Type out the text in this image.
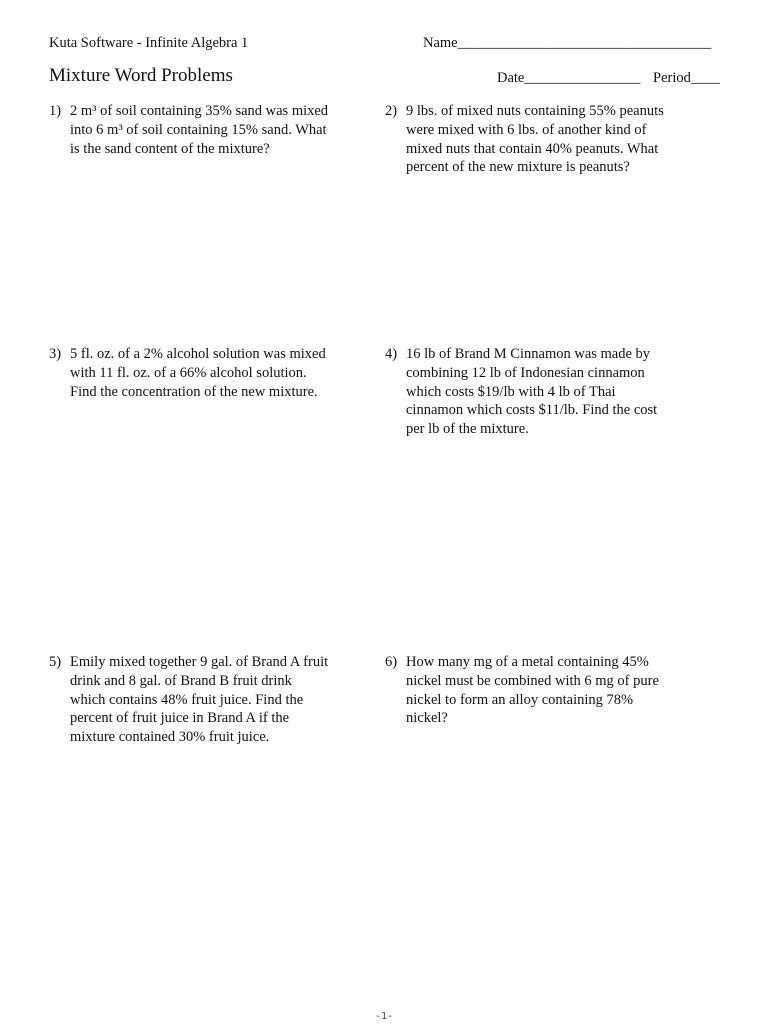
Kuta Software - Infinite Algebra 1	Name___________________________________
Mixture Word Problems	Date________________ Period____
1) 2 m³ of soil containing 35% sand was mixed
into 6 m³ of soil containing 15% sand. What
is the sand content of the mixture?
2) 9 lbs. of mixed nuts containing 55% peanuts
were mixed with 6 lbs. of another kind of
mixed nuts that contain 40% peanuts. What
percent of the new mixture is peanuts?
3) 5 fl. oz. of a 2% alcohol solution was mixed
with 11 fl. oz. of a 66% alcohol solution.
Find the concentration of the new mixture.
4) 16 lb of Brand M Cinnamon was made by
combining 12 lb of Indonesian cinnamon
which costs $19/lb with 4 lb of Thai
cinnamon which costs $11/lb. Find the cost
per lb of the mixture.
5) Emily mixed together 9 gal. of Brand A fruit
drink and 8 gal. of Brand B fruit drink
which contains 48% fruit juice. Find the
percent of fruit juice in Brand A if the
mixture contained 30% fruit juice.
6) How many mg of a metal containing 45%
nickel must be combined with 6 mg of pure
nickel to form an alloy containing 78%
nickel?
-1-
